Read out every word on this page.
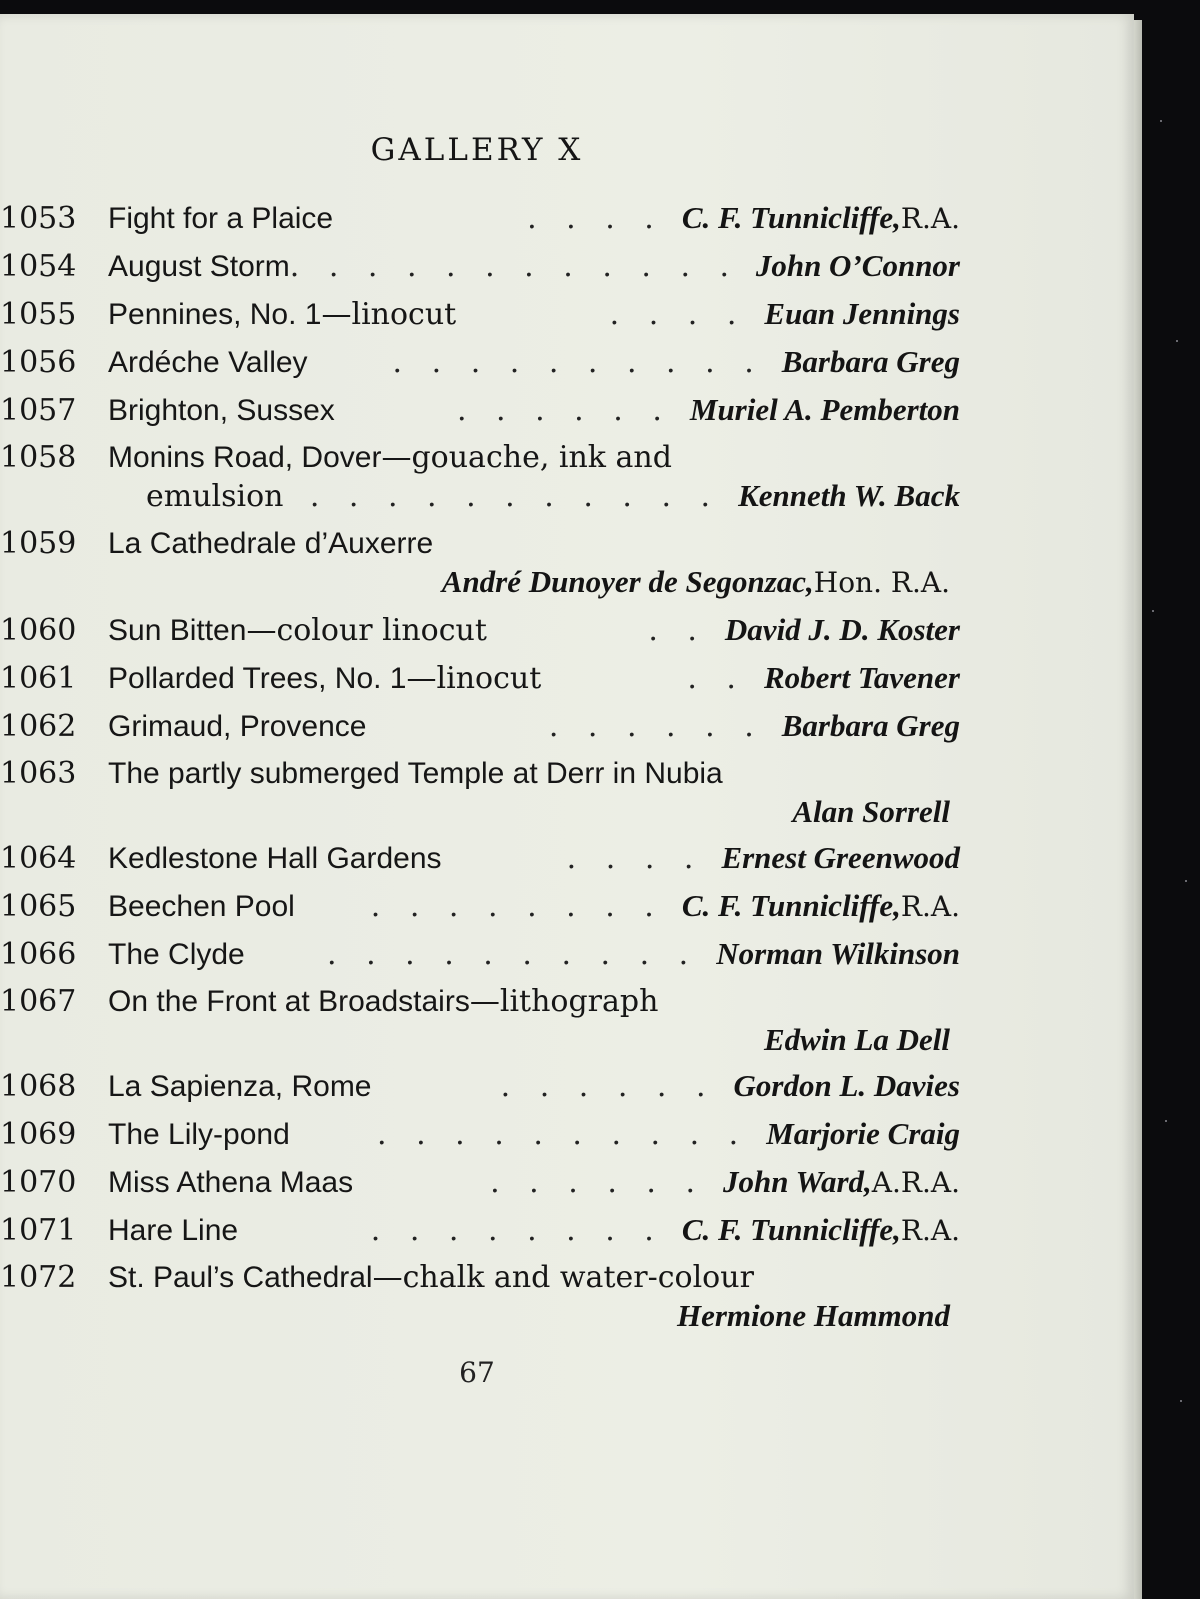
GALLERY X
1053	Fight for a Plaice	. . . . C. F. Tunnicliffe, R.A.
1054	August Storm . . . . . . . . . . . . John O’Connor
1055	Pennines, No. 1 —linocut	. . . . Euan Jennings
1056	Ardéche Valley	. . . . . . . . . . Barbara Greg
1057	Brighton, Sussex	. . . . . . Muriel A. Pemberton
1058	Monins Road, Dover —gouache, ink and
emulsion . . . . . . . . . . . Kenneth W. Back
1059	La Cathedrale d’Auxerre
André Dunoyer de Segonzac, Hon. R.A.
1060	Sun Bitten —colour linocut	. . David J. D. Koster
1061	Pollarded Trees, No. 1 —linocut	. . Robert Tavener
1062	Grimaud, Provence	. . . . . . Barbara Greg
1063	The partly submerged Temple at Derr in Nubia
Alan Sorrell
1064	Kedlestone Hall Gardens	. . . . Ernest Greenwood
1065	Beechen Pool	. . . . . . . . C. F. Tunnicliffe, R.A.
1066	The Clyde	. . . . . . . . . . Norman Wilkinson
1067	On the Front at Broadstairs —lithograph
Edwin La Dell
1068	La Sapienza, Rome	. . . . . . Gordon L. Davies
1069	The Lily-pond	. . . . . . . . . . Marjorie Craig
1070	Miss Athena Maas	. . . . . . John Ward, A.R.A.
1071	Hare Line	. . . . . . . . C. F. Tunnicliffe, R.A.
1072	St. Paul’s Cathedral —chalk and water-colour
Hermione Hammond
67
